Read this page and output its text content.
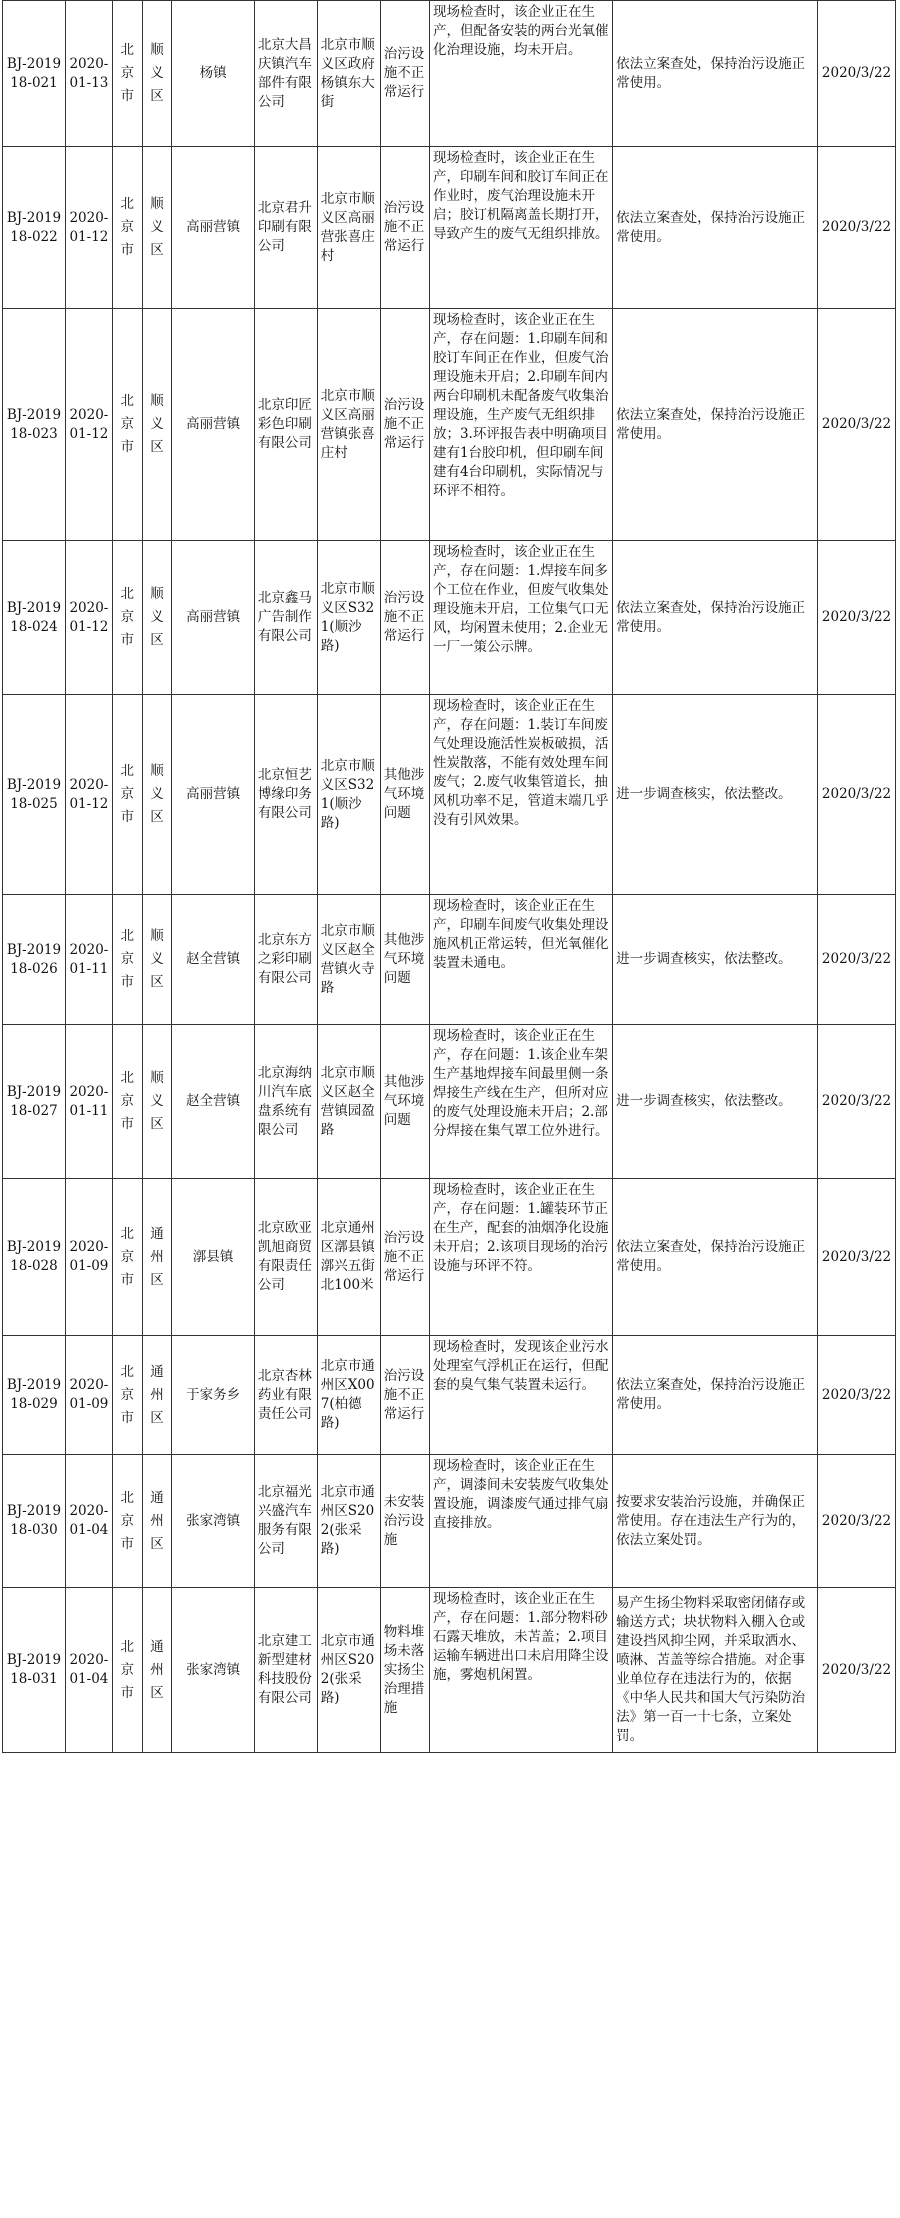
BJ-201918-021	2020-01-13	北京市	顺义区	杨镇	北京大昌庆镇汽车部件有限公司	北京市顺义区政府杨镇东大街	治污设施不正常运行	现场检查时，该企业正在生产，但配备安装的两台光氧催化治理设施，均未开启。	依法立案查处，保持治污设施正常使用。	2020/3/22
BJ-201918-022	2020-01-12	北京市	顺义区	高丽营镇	北京君升印刷有限公司	北京市顺义区高丽营张喜庄村	治污设施不正常运行	现场检查时，该企业正在生产，印刷车间和胶订车间正在作业时，废气治理设施未开启；胶订机隔离盖长期打开，导致产生的废气无组织排放。	依法立案查处，保持治污设施正常使用。	2020/3/22
BJ-201918-023	2020-01-12	北京市	顺义区	高丽营镇	北京印匠彩色印刷有限公司	北京市顺义区高丽营镇张喜庄村	治污设施不正常运行	现场检查时，该企业正在生产，存在问题：1.印刷车间和胶订车间正在作业，但废气治理设施未开启；2.印刷车间内两台印刷机未配备废气收集治理设施，生产废气无组织排放；3.环评报告表中明确项目建有1台胶印机，但印刷车间建有4台印刷机，实际情况与环评不相符。	依法立案查处，保持治污设施正常使用。	2020/3/22
BJ-201918-024	2020-01-12	北京市	顺义区	高丽营镇	北京鑫马广告制作有限公司	北京市顺义区S321(顺沙路)	治污设施不正常运行	现场检查时，该企业正在生产，存在问题：1.焊接车间多个工位在作业，但废气收集处理设施未开启，工位集气口无风，均闲置未使用；2.企业无一厂一策公示牌。	依法立案查处，保持治污设施正常使用。	2020/3/22
BJ-201918-025	2020-01-12	北京市	顺义区	高丽营镇	北京恒艺博缘印务有限公司	北京市顺义区S321(顺沙路)	其他涉气环境问题	现场检查时，该企业正在生产，存在问题：1.装订车间废气处理设施活性炭板破损，活性炭散落，不能有效处理车间废气；2.废气收集管道长，抽风机功率不足，管道末端几乎没有引风效果。	进一步调查核实，依法整改。	2020/3/22
BJ-201918-026	2020-01-11	北京市	顺义区	赵全营镇	北京东方之彩印刷有限公司	北京市顺义区赵全营镇火寺路	其他涉气环境问题	现场检查时，该企业正在生产，印刷车间废气收集处理设施风机正常运转，但光氧催化装置未通电。	进一步调查核实，依法整改。	2020/3/22
BJ-201918-027	2020-01-11	北京市	顺义区	赵全营镇	北京海纳川汽车底盘系统有限公司	北京市顺义区赵全营镇园盈路	其他涉气环境问题	现场检查时，该企业正在生产，存在问题：1.该企业车架生产基地焊接车间最里侧一条焊接生产线在生产，但所对应的废气处理设施未开启；2.部分焊接在集气罩工位外进行。	进一步调查核实，依法整改。	2020/3/22
BJ-201918-028	2020-01-09	北京市	通州区	漷县镇	北京欧亚凯旭商贸有限责任公司	北京通州区漷县镇漷兴五街北100米	治污设施不正常运行	现场检查时，该企业正在生产，存在问题：1.罐装环节正在生产，配套的油烟净化设施未开启；2.该项目现场的治污设施与环评不符。	依法立案查处，保持治污设施正常使用。	2020/3/22
BJ-201918-029	2020-01-09	北京市	通州区	于家务乡	北京杏林药业有限责任公司	北京市通州区X007(柏德路)	治污设施不正常运行	现场检查时，发现该企业污水处理室气浮机正在运行，但配套的臭气集气装置未运行。	依法立案查处，保持治污设施正常使用。	2020/3/22
BJ-201918-030	2020-01-04	北京市	通州区	张家湾镇	北京福光兴盛汽车服务有限公司	北京市通州区S202(张采路)	未安装治污设施	现场检查时，该企业正在生产，调漆间未安装废气收集处置设施，调漆废气通过排气扇直接排放。	按要求安装治污设施，并确保正常使用。存在违法生产行为的，依法立案处罚。	2020/3/22
BJ-201918-031	2020-01-04	北京市	通州区	张家湾镇	北京建工新型建材科技股份有限公司	北京市通州区S202(张采路)	物料堆场未落实扬尘治理措施	现场检查时，该企业正在生产，存在问题：1.部分物料砂石露天堆放，未苫盖；2.项目运输车辆进出口未启用降尘设施，雾炮机闲置。	易产生扬尘物料采取密闭储存或输送方式；块状物料入棚入仓或建设挡风抑尘网，并采取洒水、喷淋、苫盖等综合措施。对企事业单位存在违法行为的，依据《中华人民共和国大气污染防治法》第一百一十七条，立案处罚。	2020/3/22
